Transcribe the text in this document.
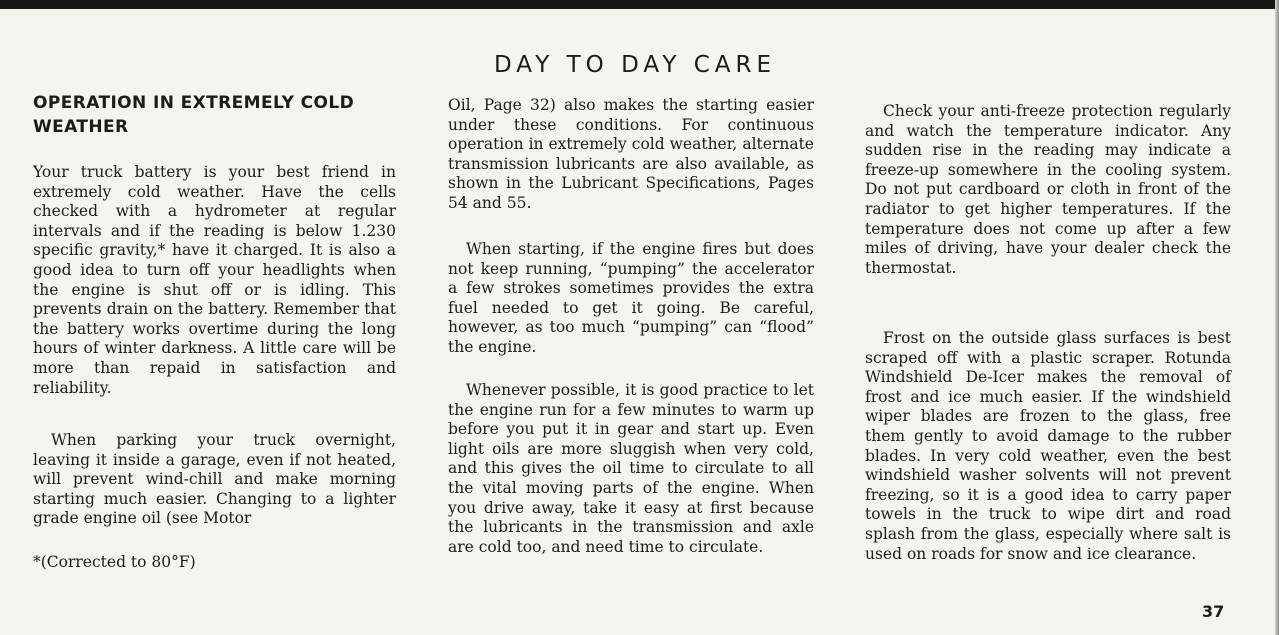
DAY TO DAY CARE
OPERATION IN EXTREMELY COLD WEATHER

Your truck battery is your best friend in extremely cold weather. Have the cells checked with a hydrometer at regular intervals and if the reading is below 1.230 specific gravity,* have it charged. It is also a good idea to turn off your headlights when the engine is shut off or is idling. This prevents drain on the battery. Remember that the battery works overtime during the long hours of winter darkness. A little care will be more than repaid in satisfaction and reliability.

When parking your truck overnight, leaving it inside a garage, even if not heated, will prevent wind-chill and make morning starting much easier. Changing to a lighter grade engine oil (see Motor

*(Corrected to 80°F)

Oil, Page 32) also makes the starting easier under these conditions. For continuous operation in extremely cold weather, alternate transmission lubricants are also available, as shown in the Lubricant Specifications, Pages 54 and 55.

When starting, if the engine fires but does not keep running, “pumping” the accelerator a few strokes sometimes provides the extra fuel needed to get it going. Be careful, however, as too much “pumping” can “flood” the engine.

Whenever possible, it is good practice to let the engine run for a few minutes to warm up before you put it in gear and start up. Even light oils are more sluggish when very cold, and this gives the oil time to circulate to all the vital moving parts of the engine. When you drive away, take it easy at first because the lubricants in the transmission and axle are cold too, and need time to circulate.

Check your anti-freeze protection regularly and watch the temperature indicator. Any sudden rise in the reading may indicate a freeze-up somewhere in the cooling system. Do not put cardboard or cloth in front of the radiator to get higher temperatures. If the temperature does not come up after a few miles of driving, have your dealer check the thermostat.

Frost on the outside glass surfaces is best scraped off with a plastic scraper. Rotunda Windshield De-Icer makes the removal of frost and ice much easier. If the windshield wiper blades are frozen to the glass, free them gently to avoid damage to the rubber blades. In very cold weather, even the best windshield washer solvents will not prevent freezing, so it is a good idea to carry paper towels in the truck to wipe dirt and road splash from the glass, especially where salt is used on roads for snow and ice clearance.

37
